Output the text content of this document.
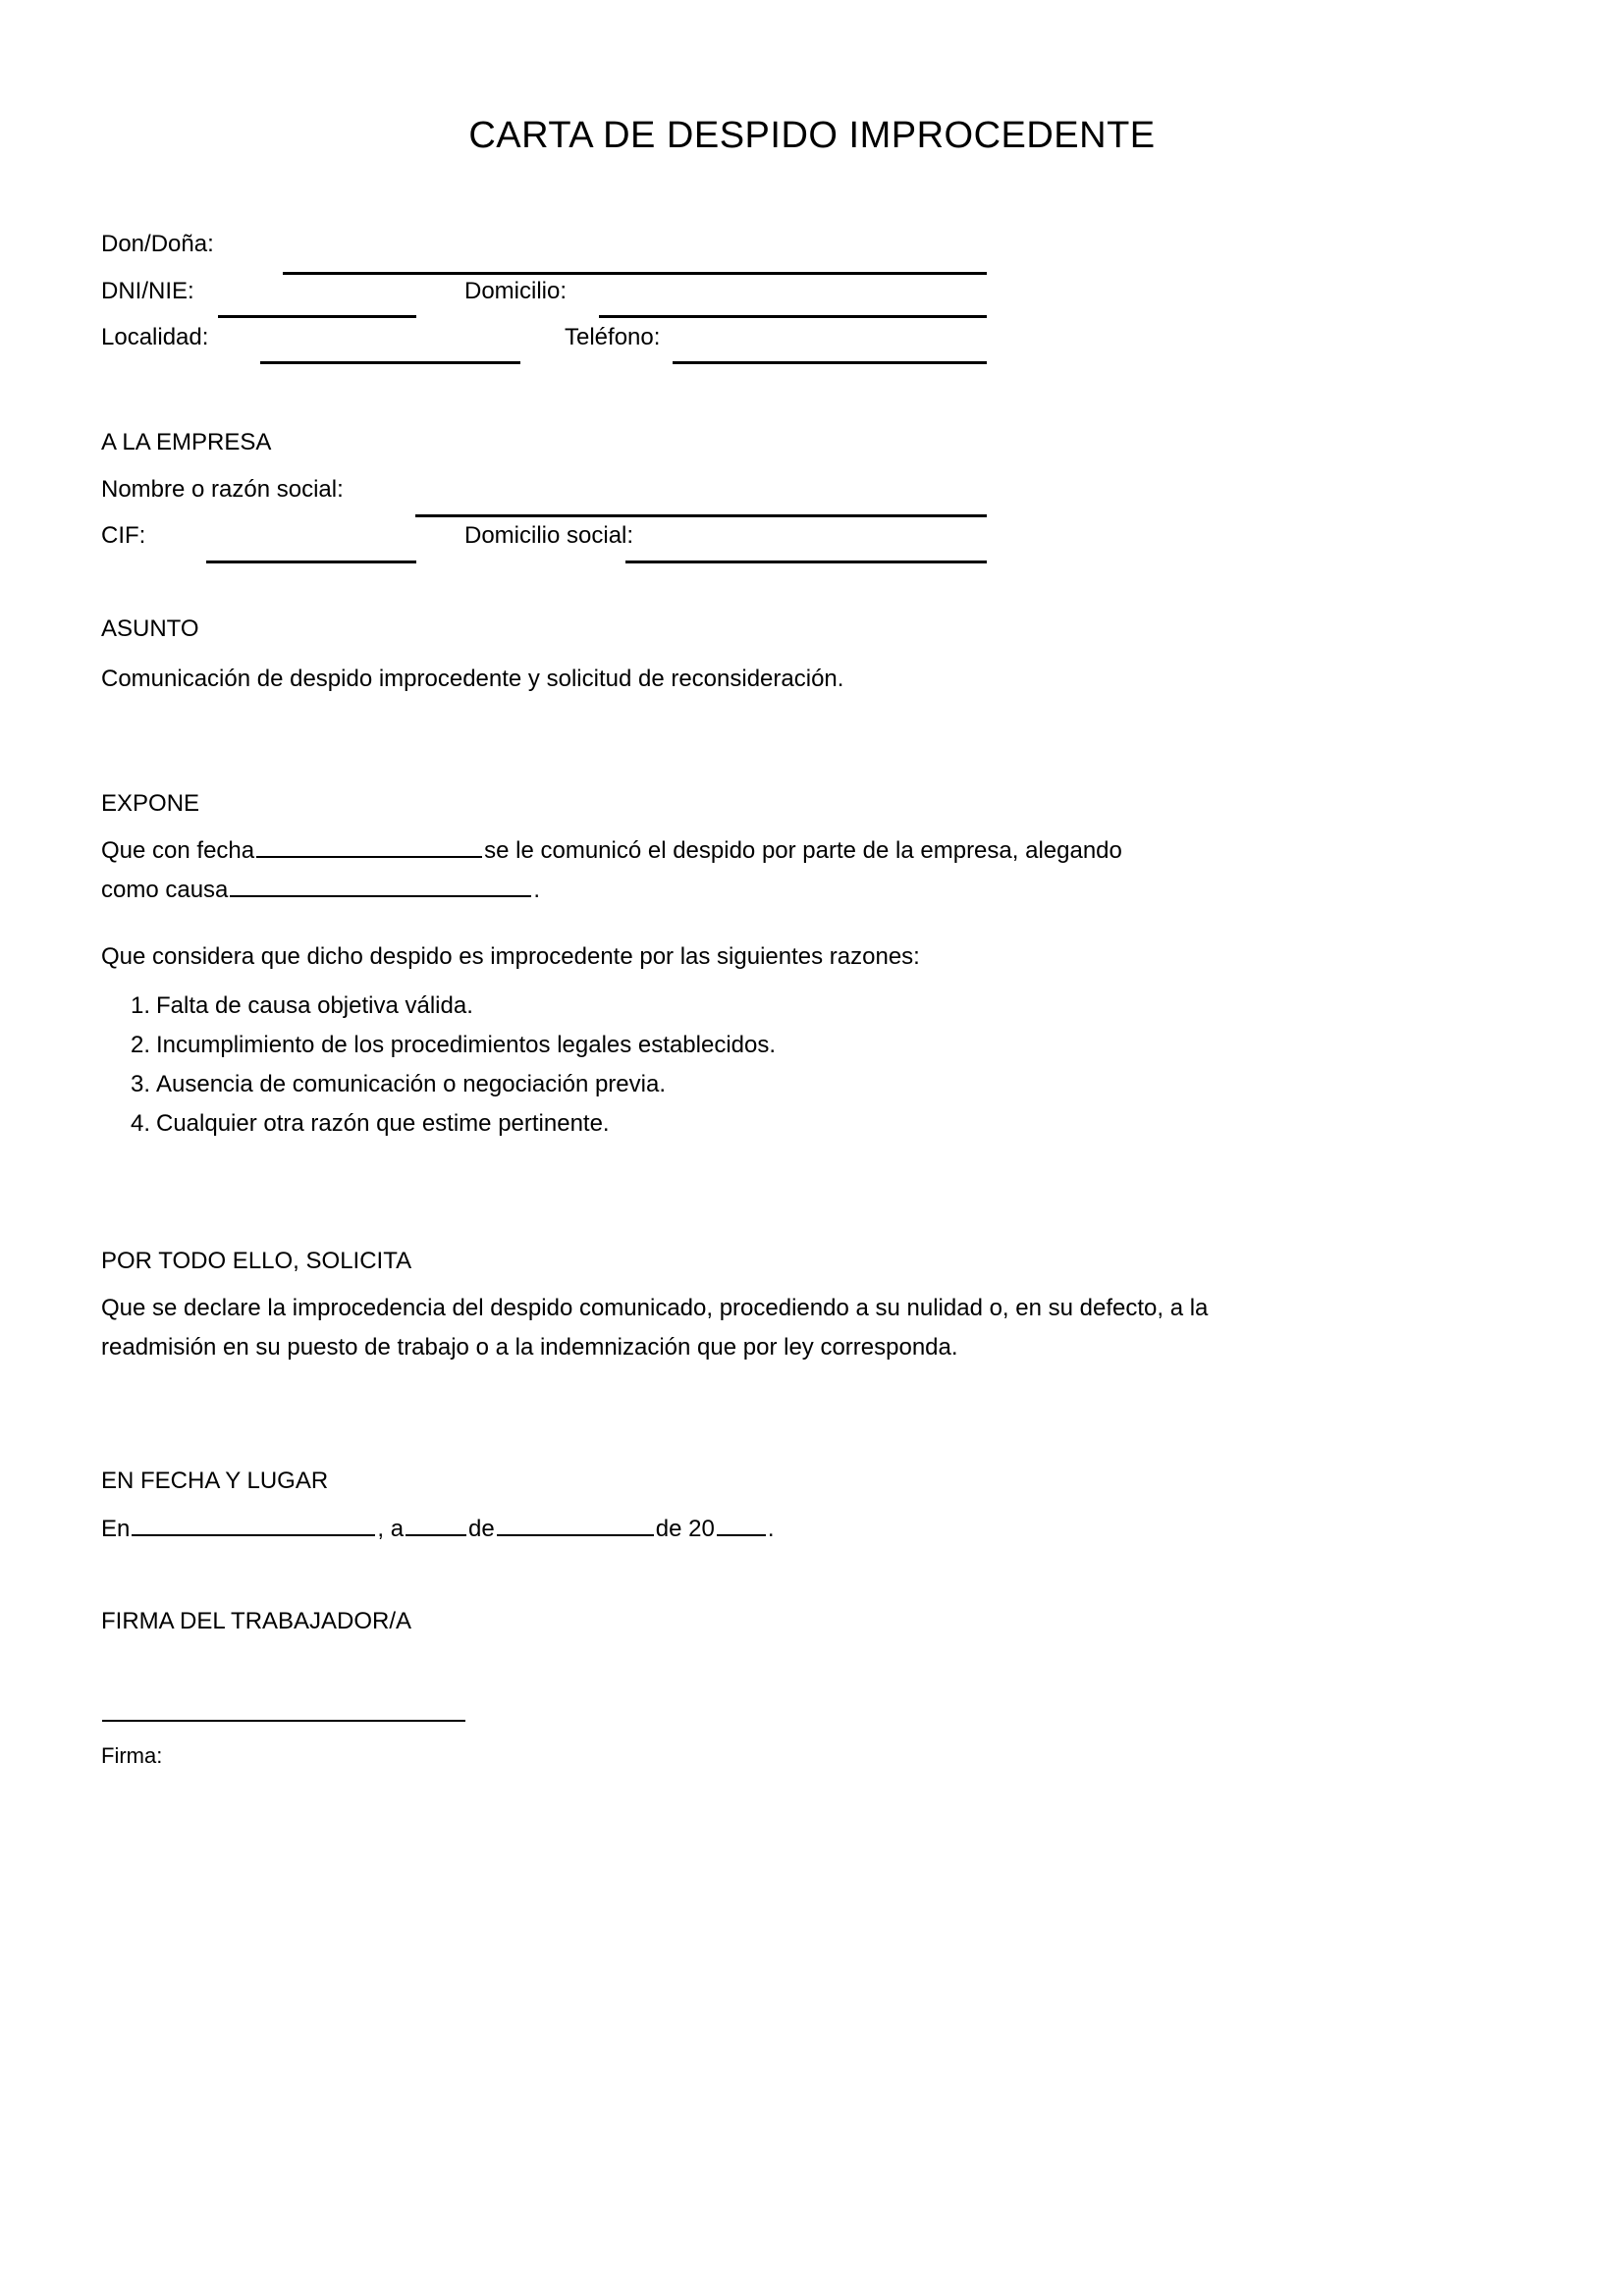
CARTA DE DESPIDO IMPROCEDENTE
Don/Doña:
DNI/NIE:	Domicilio:
Localidad:	Teléfono:
A LA EMPRESA
Nombre o razón social:
CIF:	Domicilio social:
ASUNTO
Comunicación de despido improcedente y solicitud de reconsideración.
EXPONE
Que con fecha	se le comunicó el despido por parte de la empresa, alegando
como causa	.
Que considera que dicho despido es improcedente por las siguientes razones:
1. Falta de causa objetiva válida.
2. Incumplimiento de los procedimientos legales establecidos.
3. Ausencia de comunicación o negociación previa.
4. Cualquier otra razón que estime pertinente.
POR TODO ELLO, SOLICITA
Que se declare la improcedencia del despido comunicado, procediendo a su nulidad o, en su defecto, a la
readmisión en su puesto de trabajo o a la indemnización que por ley corresponda.
EN FECHA Y LUGAR
En	, a	de	de 20 .
FIRMA DEL TRABAJADOR/A
Firma:
